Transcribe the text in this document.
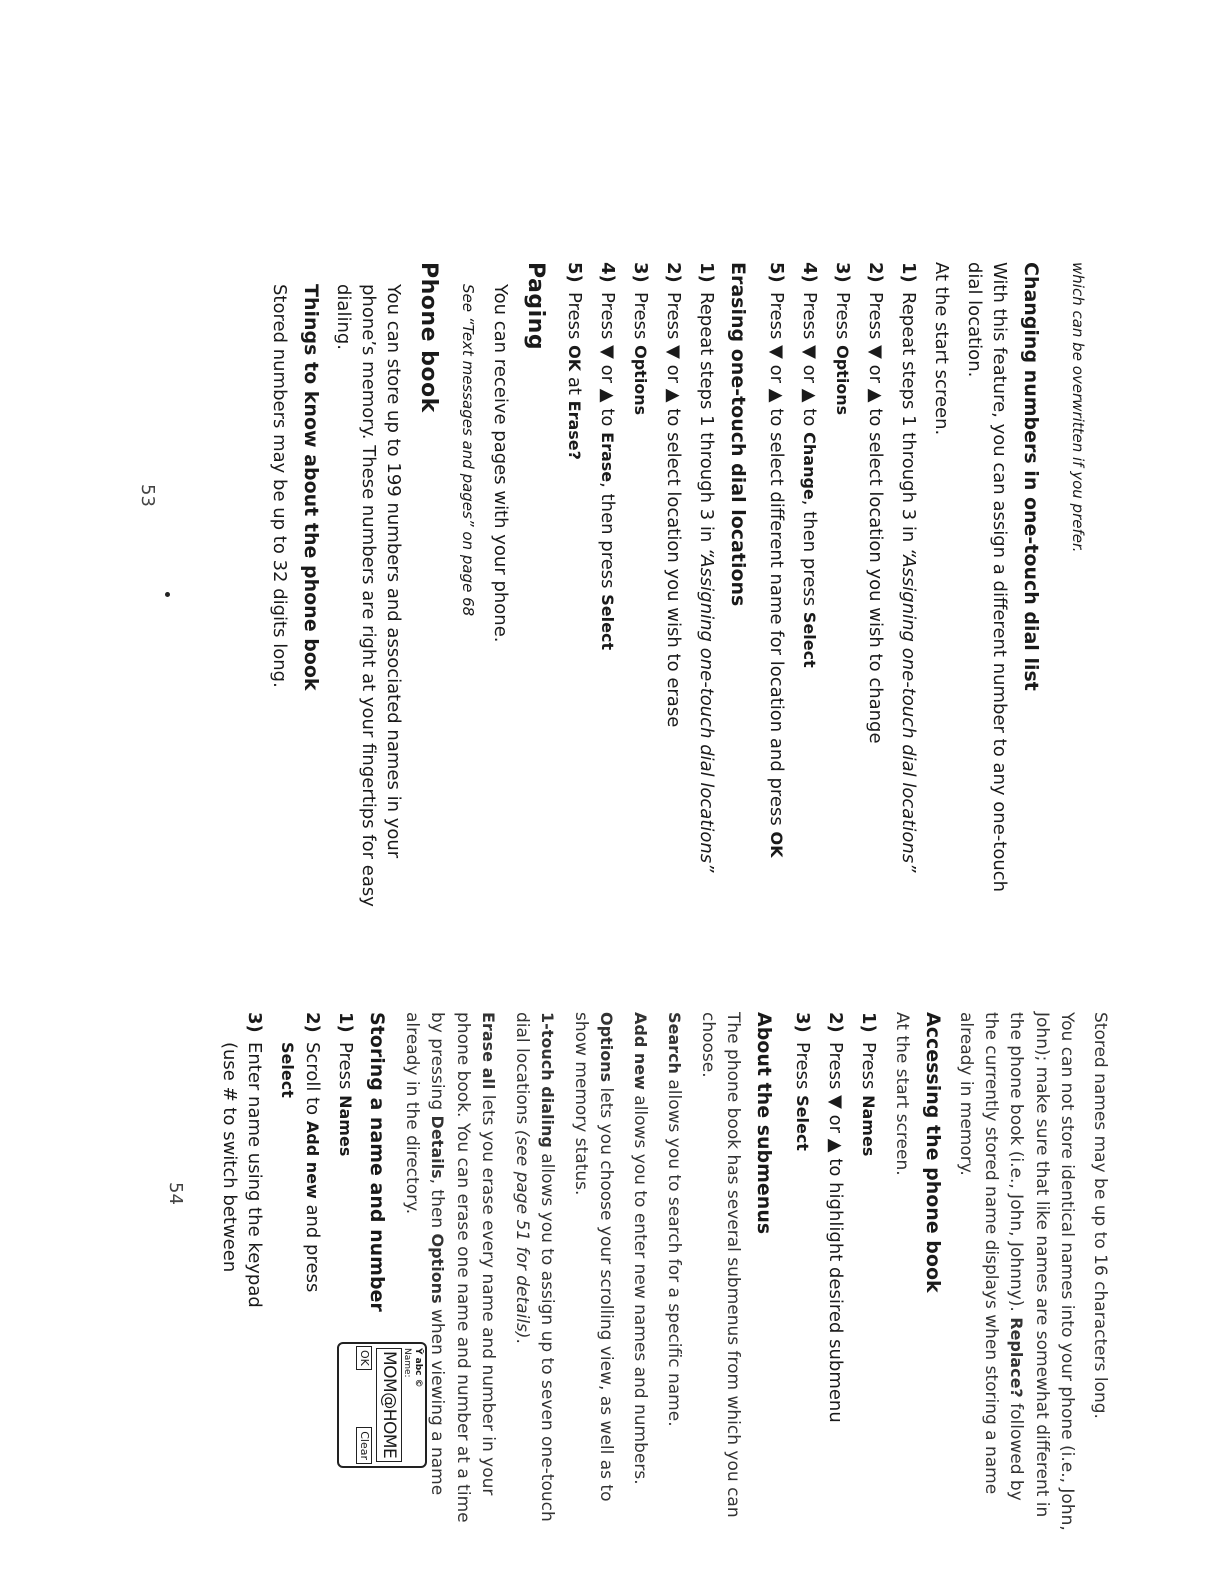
which can be overwritten if you prefer.

Changing numbers in one-touch dial list

With this feature, you can assign a different number to any one-touch dial location.

At the start screen.

1)
Repeat steps 1 through 3 in “Assigning one-touch dial locations”
2)
Press ▼ or ▲ to select location you wish to change
3)
Press Options
4)
Press ▼ or ▲ to Change, then press Select
5)
Press ▼ or ▲ to select different name for location and press OK
Erasing one-touch dial locations
1)
Repeat steps 1 through 3 in “Assigning one-touch dial locations”
2)
Press ▼ or ▲ to select location you wish to erase
3)
Press Options
4)
Press ▼ or ▲ to Erase, then press Select
5)
Press OK at Erase?
Paging

You can receive pages with your phone.

See “Text messages and pages” on page 68

Phone book

You can store up to 199 numbers and associated names in your phone’s memory. These numbers are right at your fingertips for easy dialing.

Things to know about the phone book

Stored numbers may be up to 32 digits long.

53

Stored names may be up to 16 characters long.

You can not store identical names into your phone (i.e., John, John); make sure that like names are somewhat different in the phone book (i.e., John, Johnny). Replace? followed by the currently stored name displays when storing a name already in memory.

Accessing the phone book

At the start screen.

1)
Press Names
2)
Press ▼ or ▲ to highlight desired submenu
3)
Press Select
About the submenus

The phone book has several submenus from which you can choose.

Search allows you to search for a specific name.

Add new allows you to enter new names and numbers.

Options lets you choose your scrolling view, as well as to show memory status.

1-touch dialing allows you to assign up to seven one-touch dial locations (see page 51 for details).

Erase all lets you erase every name and number in your phone book. You can erase one name and number at a time by pressing Details, then Options when viewing a name already in the directory.

Storing a name and number
1)
Press Names
2)
Scroll to Add new and press
Select
3)
Enter name using the keypad (use # to switch between
Ȳ abc ©
Name:
MOM@HOME
OK
Clear
54
